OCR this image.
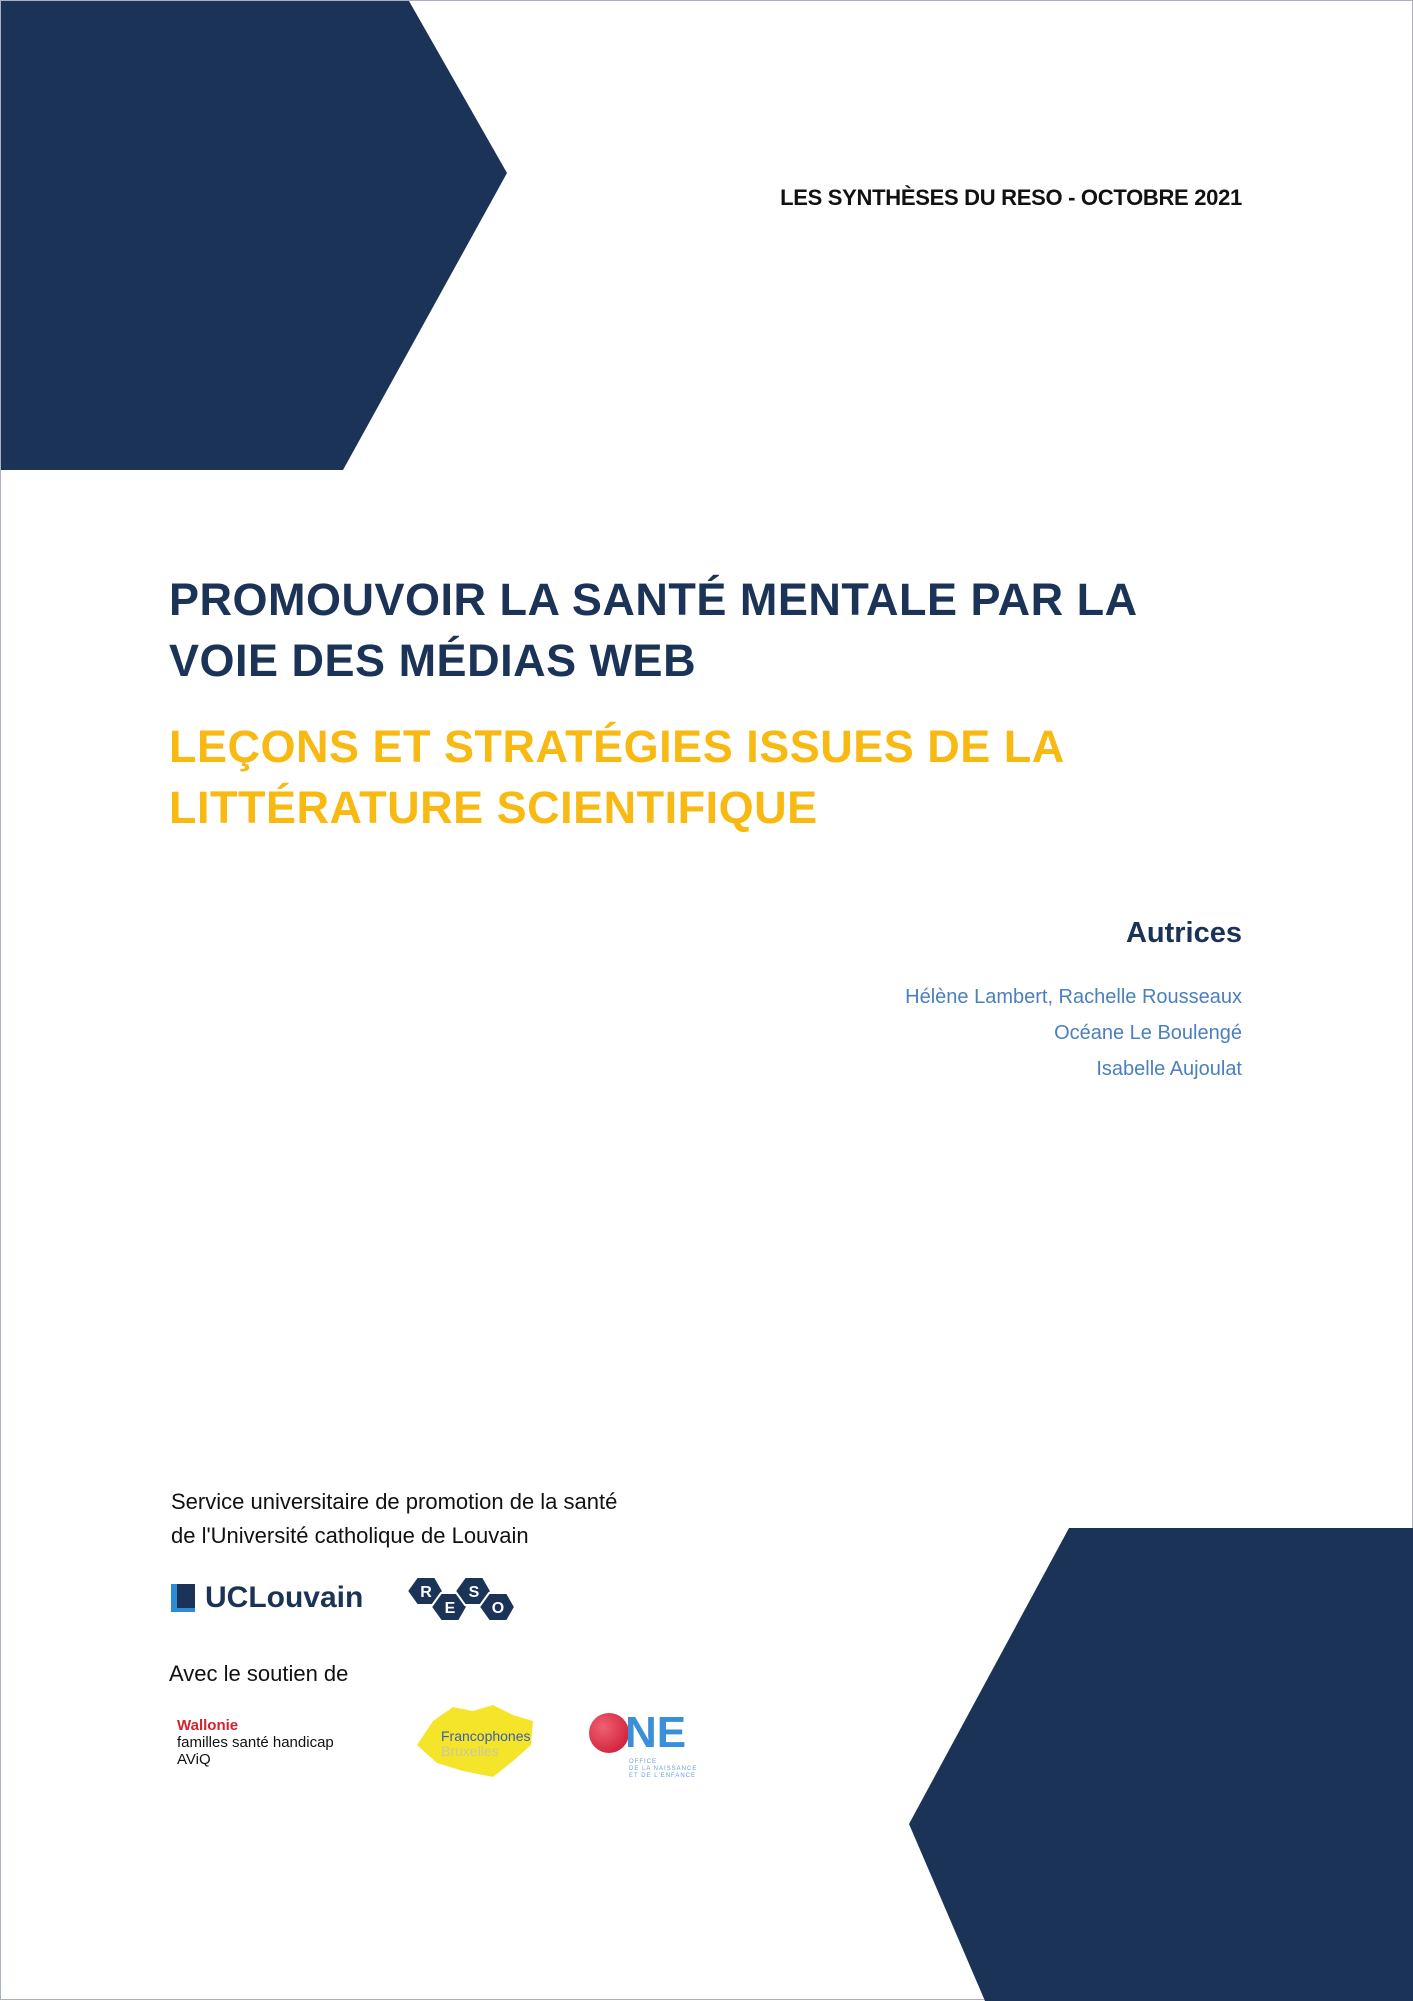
LES SYNTHÈSES DU RESO - OCTOBRE 2021
PROMOUVOIR LA SANTÉ MENTALE PAR LA
VOIE DES MÉDIAS WEB
LEÇONS ET STRATÉGIES ISSUES DE LA
LITTÉRATURE SCIENTIFIQUE
Autrices
Hélène Lambert, Rachelle Rousseaux
Océane Le Boulengé
Isabelle Aujoulat
Service universitaire de promotion de la santé
de l'Université catholique de Louvain
UCLouvain	R
E
S
O
Avec le soutien de
Wallonie
familles santé handicap
AViQ
Francophones
Bruxelles	NE
OFFICE
DE LA NAISSANCE
ET DE L'ENFANCE
